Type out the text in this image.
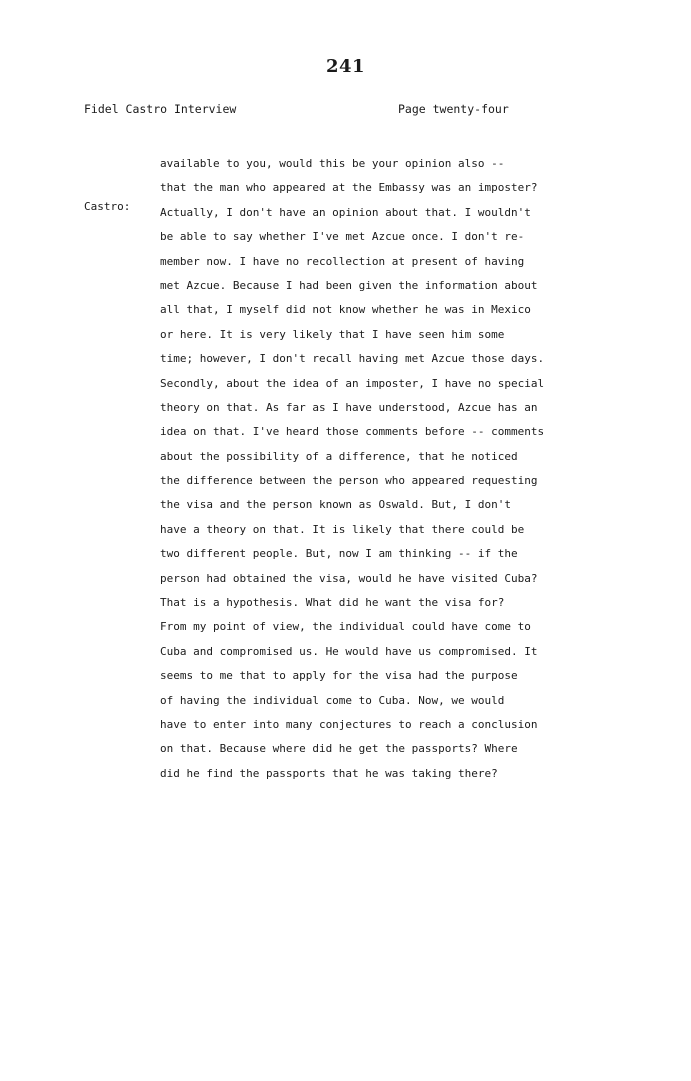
241
Fidel Castro Interview	Page twenty-four
Castro:
available to you, would this be your opinion also --
that the man who appeared at the Embassy was an imposter?
Actually, I don't have an opinion about that. I wouldn't
be able to say whether I've met Azcue once. I don't re-
member now. I have no recollection at present of having
met Azcue. Because I had been given the information about
all that, I myself did not know whether he was in Mexico
or here. It is very likely that I have seen him some
time; however, I don't recall having met Azcue those days.
Secondly, about the idea of an imposter, I have no special
theory on that. As far as I have understood, Azcue has an
idea on that. I've heard those comments before -- comments
about the possibility of a difference, that he noticed
the difference between the person who appeared requesting
the visa and the person known as Oswald. But, I don't
have a theory on that. It is likely that there could be
two different people. But, now I am thinking -- if the
person had obtained the visa, would he have visited Cuba?
That is a hypothesis. What did he want the visa for?
From my point of view, the individual could have come to
Cuba and compromised us. He would have us compromised. It
seems to me that to apply for the visa had the purpose
of having the individual come to Cuba. Now, we would
have to enter into many conjectures to reach a conclusion
on that. Because where did he get the passports? Where
did he find the passports that he was taking there?
